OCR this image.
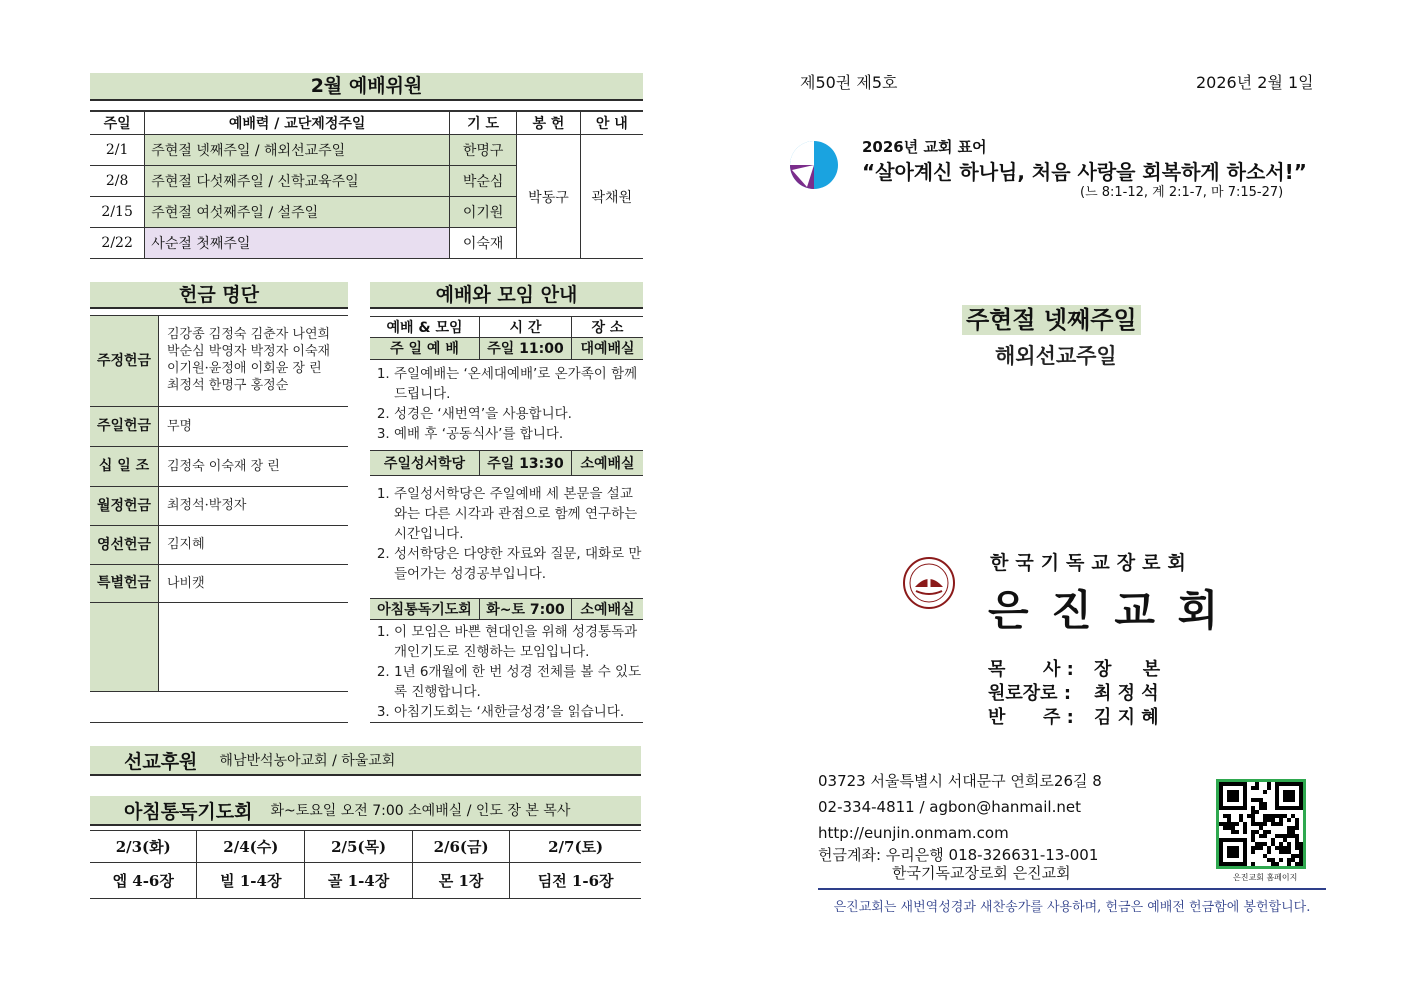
2월 예배위원
주일	예배력 / 교단제정주일	기 도	봉 헌	안 내
2/1	주현절 넷째주일 / 해외선교주일	한명구	박동구	곽채원
2/8	주현절 다섯째주일 / 신학교육주일	박순심		
2/15	주현절 여섯째주일 / 설주일	이기원		
2/22	사순절 첫째주일	이숙재		
헌금 명단
주정헌금
김강종 김정숙 김춘자 나연희
박순심 박영자 박정자 이숙재
이기원·윤정애 이회윤 장 린
최정석 한명구 홍정순
주일헌금	무명
십 일 조	김정숙 이숙재 장 린
월정헌금	최정석·박정자
영선헌금	김지혜
특별헌금	나비캣
예배와 모임 안내
예배 & 모임	시 간	장 소
주 일 예 배	주일 11:00	대예배실
1. 주일예배는 ‘온세대예배’로 온가족이 함께 드립니다.
2. 성경은 ‘새번역’을 사용합니다.
3. 예배 후 ‘공동식사’를 합니다.
주일성서학당	주일 13:30	소예배실
1. 주일성서학당은 주일예배 세 본문을 설교와는 다른 시각과 관점으로 함께 연구하는 시간입니다.
2. 성서학당은 다양한 자료와 질문, 대화로 만들어가는 성경공부입니다.
아침통독기도회	화~토 7:00	소예배실
1. 이 모임은 바쁜 현대인을 위해 성경통독과 개인기도로 진행하는 모임입니다.
2. 1년 6개월에 한 번 성경 전체를 볼 수 있도록 진행합니다.
3. 아침기도회는 ‘새한글성경’을 읽습니다.
선교후원 해남반석농아교회 / 하울교회
아침통독기도회 화~토요일 오전 7:00 소예배실 / 인도 장 본 목사
2/3(화)	2/4(수)	2/5(목)	2/6(금)	2/7(토)
엡 4-6장	빌 1-4장	골 1-4장	몬 1장	딤전 1-6장
제50권 제5호	2026년 2월 1일
2026년 교회 표어
“살아계신 하나님, 처음 사랑을 회복하게 하소서!”
(느 8:1-12, 계 2:1-7, 마 7:15-27)
주현절 넷째주일
해외선교주일
한국기독교장로회
은 진 교 회
목      사 :	장     본
원로장로 :	최 정 석
반      주 :	김 지 혜
03723 서울특별시 서대문구 연희로26길 8
02-334-4811 / agbon@hanmail.net
http://eunjin.onmam.com
헌금계좌: 우리은행 018-326631-13-001
한국기독교장로회 은진교회	은진교회 홈페이지
은진교회는 새번역성경과 새찬송가를 사용하며, 헌금은 예배전 헌금함에 봉헌합니다.
